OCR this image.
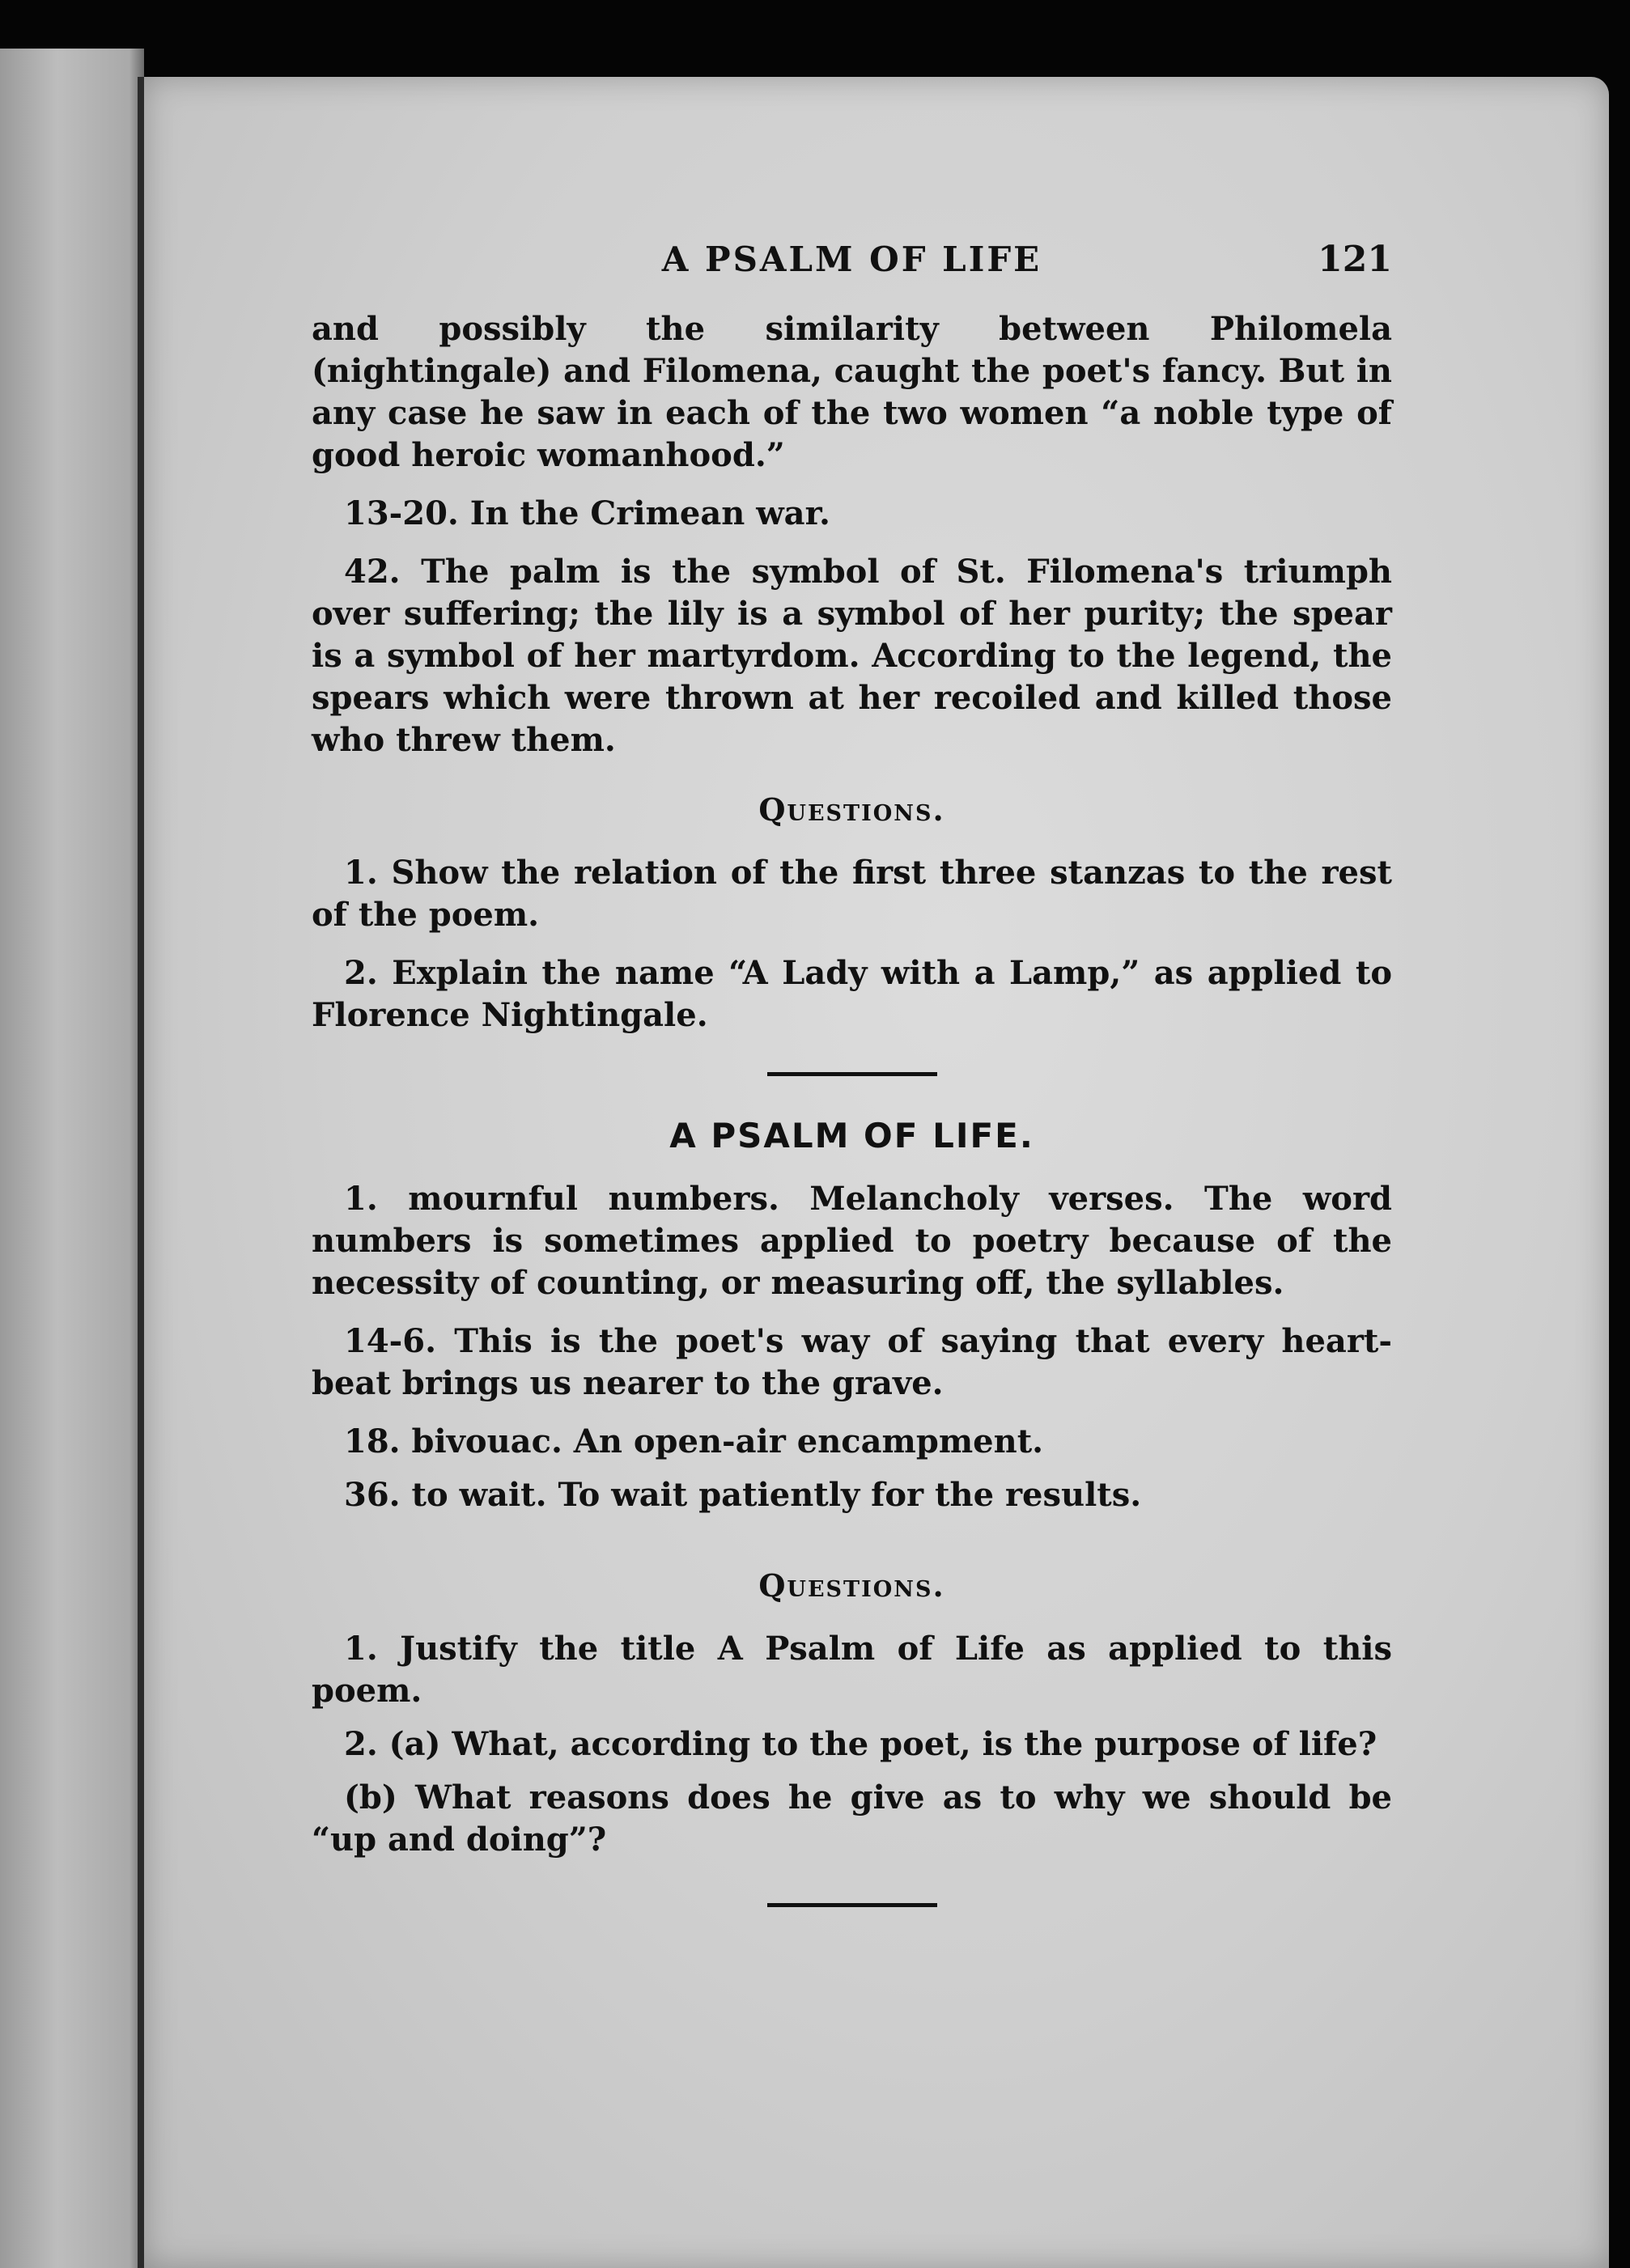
A PSALM OF LIFE	121

and possibly the similarity between Philomela (nightingale) and Filomena, caught the poet's fancy. But in any case he saw in each of the two women “a noble type of good heroic womanhood.”

13-20. In the Crimean war.

42. The palm is the symbol of St. Filomena's triumph over suffering; the lily is a symbol of her purity; the spear is a symbol of her martyrdom. According to the legend, the spears which were thrown at her recoiled and killed those who threw them.

Questions.

1. Show the relation of the first three stanzas to the rest of the poem.

2. Explain the name “A Lady with a Lamp,” as applied to Florence Nightingale.

A PSALM OF LIFE.

1. mournful numbers. Melancholy verses. The word numbers is sometimes applied to poetry because of the necessity of counting, or measuring off, the syllables.

14-6. This is the poet's way of saying that every heart-beat brings us nearer to the grave.

18. bivouac. An open-air encampment.

36. to wait. To wait patiently for the results.

Questions.

1. Justify the title A Psalm of Life as applied to this poem.

2. (a) What, according to the poet, is the purpose of life?

(b) What reasons does he give as to why we should be “up and doing”?
